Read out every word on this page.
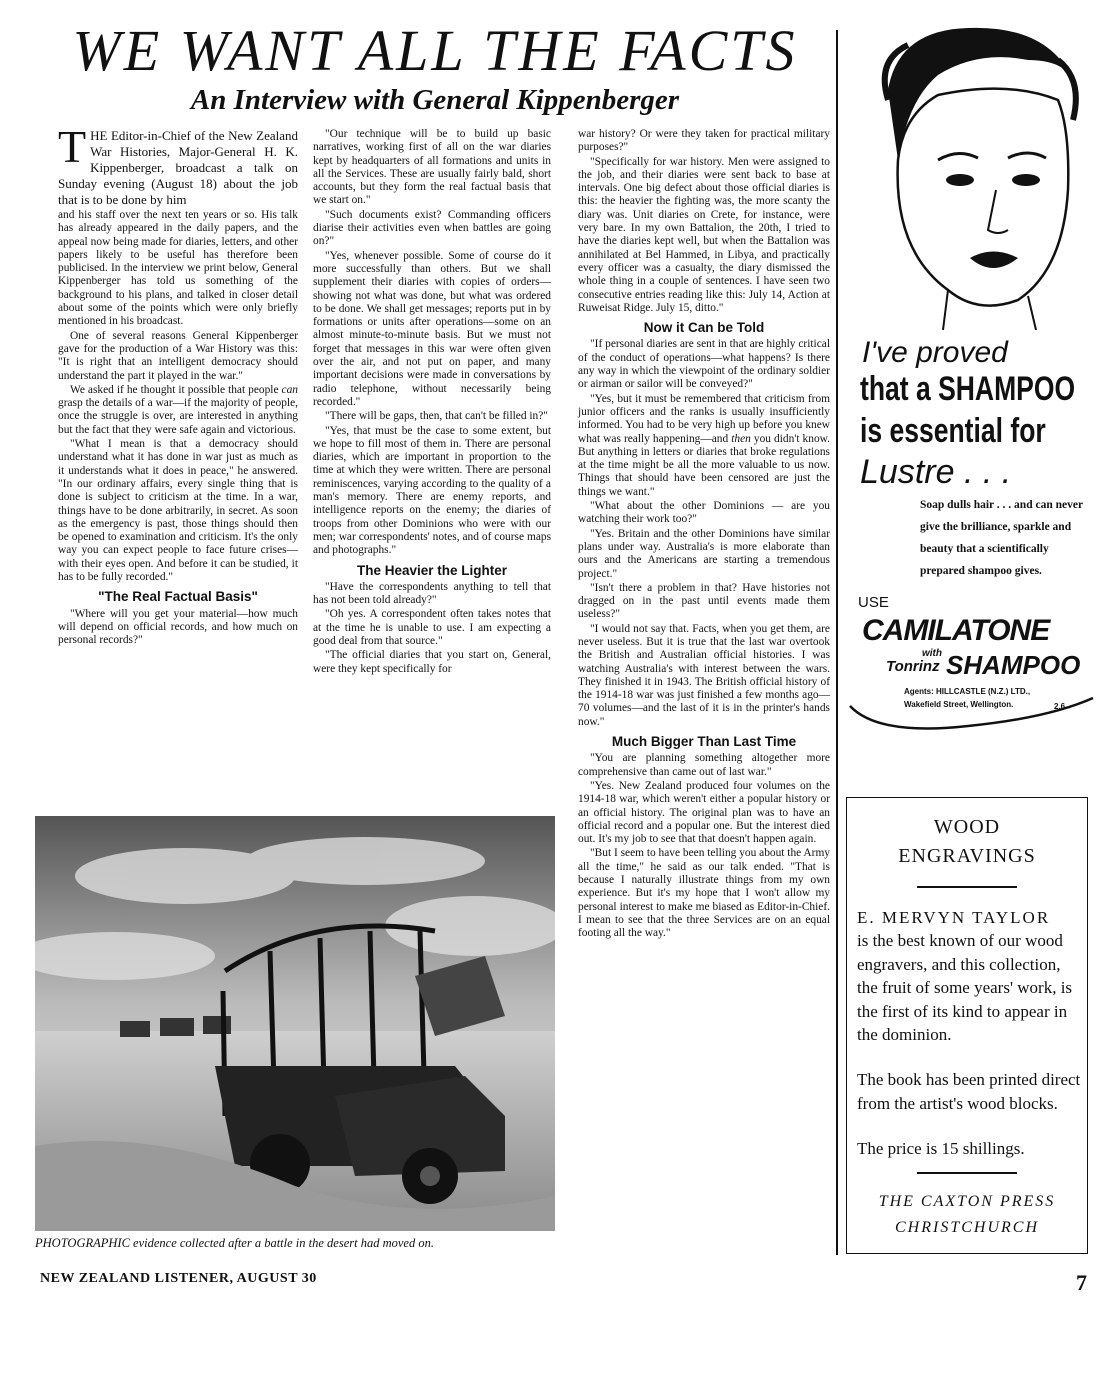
WE WANT ALL THE FACTS
An Interview with General Kippenberger

THE Editor-in-Chief of the New Zealand War Histories, Major-General H. K. Kippenberger, broadcast a talk on Sunday evening (August 18) about the job that is to be done by him

and his staff over the next ten years or so. His talk has already appeared in the daily papers, and the appeal now being made for diaries, letters, and other papers likely to be useful has therefore been publicised. In the interview we print below, General Kippenberger has told us something of the background to his plans, and talked in closer detail about some of the points which were only briefly mentioned in his broadcast.

One of several reasons General Kippenberger gave for the production of a War History was this: "It is right that an intelligent democracy should understand the part it played in the war."

We asked if he thought it possible that people can grasp the details of a war—if the majority of people, once the struggle is over, are interested in anything but the fact that they were safe again and victorious.

"What I mean is that a democracy should understand what it has done in war just as much as it understands what it does in peace," he answered. "In our ordinary affairs, every single thing that is done is subject to criticism at the time. In a war, things have to be done arbitrarily, in secret. As soon as the emergency is past, those things should then be opened to examination and criticism. It's the only way you can expect people to face future crises—with their eyes open. And before it can be studied, it has to be fully recorded."

"The Real Factual Basis"

"Where will you get your material—how much will depend on official records, and how much on personal records?"

"Our technique will be to build up basic narratives, working first of all on the war diaries kept by headquarters of all formations and units in all the Services. These are usually fairly bald, short accounts, but they form the real factual basis that we start on."

"Such documents exist? Commanding officers diarise their activities even when battles are going on?"

"Yes, whenever possible. Some of course do it more successfully than others. But we shall supplement their diaries with copies of orders—showing not what was done, but what was ordered to be done. We shall get messages; reports put in by formations or units after operations—some on an almost minute-to-minute basis. But we must not forget that messages in this war were often given over the air, and not put on paper, and many important decisions were made in conversations by radio telephone, without necessarily being recorded."

"There will be gaps, then, that can't be filled in?"

"Yes, that must be the case to some extent, but we hope to fill most of them in. There are personal diaries, which are important in proportion to the time at which they were written. There are personal reminiscences, varying according to the quality of a man's memory. There are enemy reports, and intelligence reports on the enemy; the diaries of troops from other Dominions who were with our men; war correspondents' notes, and of course maps and photographs."

The Heavier the Lighter

"Have the correspondents anything to tell that has not been told already?"

"Oh yes. A correspondent often takes notes that at the time he is unable to use. I am expecting a good deal from that source."

"The official diaries that you start on, General, were they kept specifically for

war history? Or were they taken for practical military purposes?"

"Specifically for war history. Men were assigned to the job, and their diaries were sent back to base at intervals. One big defect about those official diaries is this: the heavier the fighting was, the more scanty the diary was. Unit diaries on Crete, for instance, were very bare. In my own Battalion, the 20th, I tried to have the diaries kept well, but when the Battalion was annihilated at Bel Hammed, in Libya, and practically every officer was a casualty, the diary dismissed the whole thing in a couple of sentences. I have seen two consecutive entries reading like this: July 14, Action at Ruweisat Ridge. July 15, ditto."

Now it Can be Told

"If personal diaries are sent in that are highly critical of the conduct of operations—what happens? Is there any way in which the viewpoint of the ordinary soldier or airman or sailor will be conveyed?"

"Yes, but it must be remembered that criticism from junior officers and the ranks is usually insufficiently informed. You had to be very high up before you knew what was really happening—and then you didn't know. But anything in letters or diaries that broke regulations at the time might be all the more valuable to us now. Things that should have been censored are just the things we want."

"What about the other Dominions — are you watching their work too?"

"Yes. Britain and the other Dominions have similar plans under way. Australia's is more elaborate than ours and the Americans are starting a tremendous project."

"Isn't there a problem in that? Have histories not dragged on in the past until events made them useless?"

"I would not say that. Facts, when you get them, are never useless. But it is true that the last war overtook the British and Australian official histories. I was watching Australia's with interest between the wars. They finished it in 1943. The British official history of the 1914-18 war was just finished a few months ago—70 volumes—and the last of it is in the printer's hands now."

Much Bigger Than Last Time

"You are planning something altogether more comprehensive than came out of last war."

"Yes. New Zealand produced four volumes on the 1914-18 war, which weren't either a popular history or an official history. The original plan was to have an official record and a popular one. But the interest died out. It's my job to see that that doesn't happen again.

"But I seem to have been telling you about the Army all the time," he said as our talk ended. "That is because I naturally illustrate things from my own experience. But it's my hope that I won't allow my personal interest to make me biased as Editor-in-Chief. I mean to see that the three Services are on an equal footing all the way."

PHOTOGRAPHIC evidence collected after a battle in the desert had moved on.
NEW ZEALAND LISTENER, AUGUST 30	7
I've proved
that a SHAMPOO
is essential for
Lustre . . .
Soap dulls hair . . . and can never give the brilliance, sparkle and beauty that a scientifically prepared shampoo gives.
USE
CAMILATONE
with
Tonrinz SHAMPOO
Agents: HILLCASTLE (N.Z.) LTD.,
Wakefield Street, Wellington.	2.6
WOOD
ENGRAVINGS
E. MERVYN TAYLOR
is the best known of our wood engravers, and this collection, the fruit of some years' work, is the first of its kind to appear in the dominion.
The book has been printed direct from the artist's wood blocks.
The price is 15 shillings.
THE CAXTON PRESS
CHRISTCHURCH
